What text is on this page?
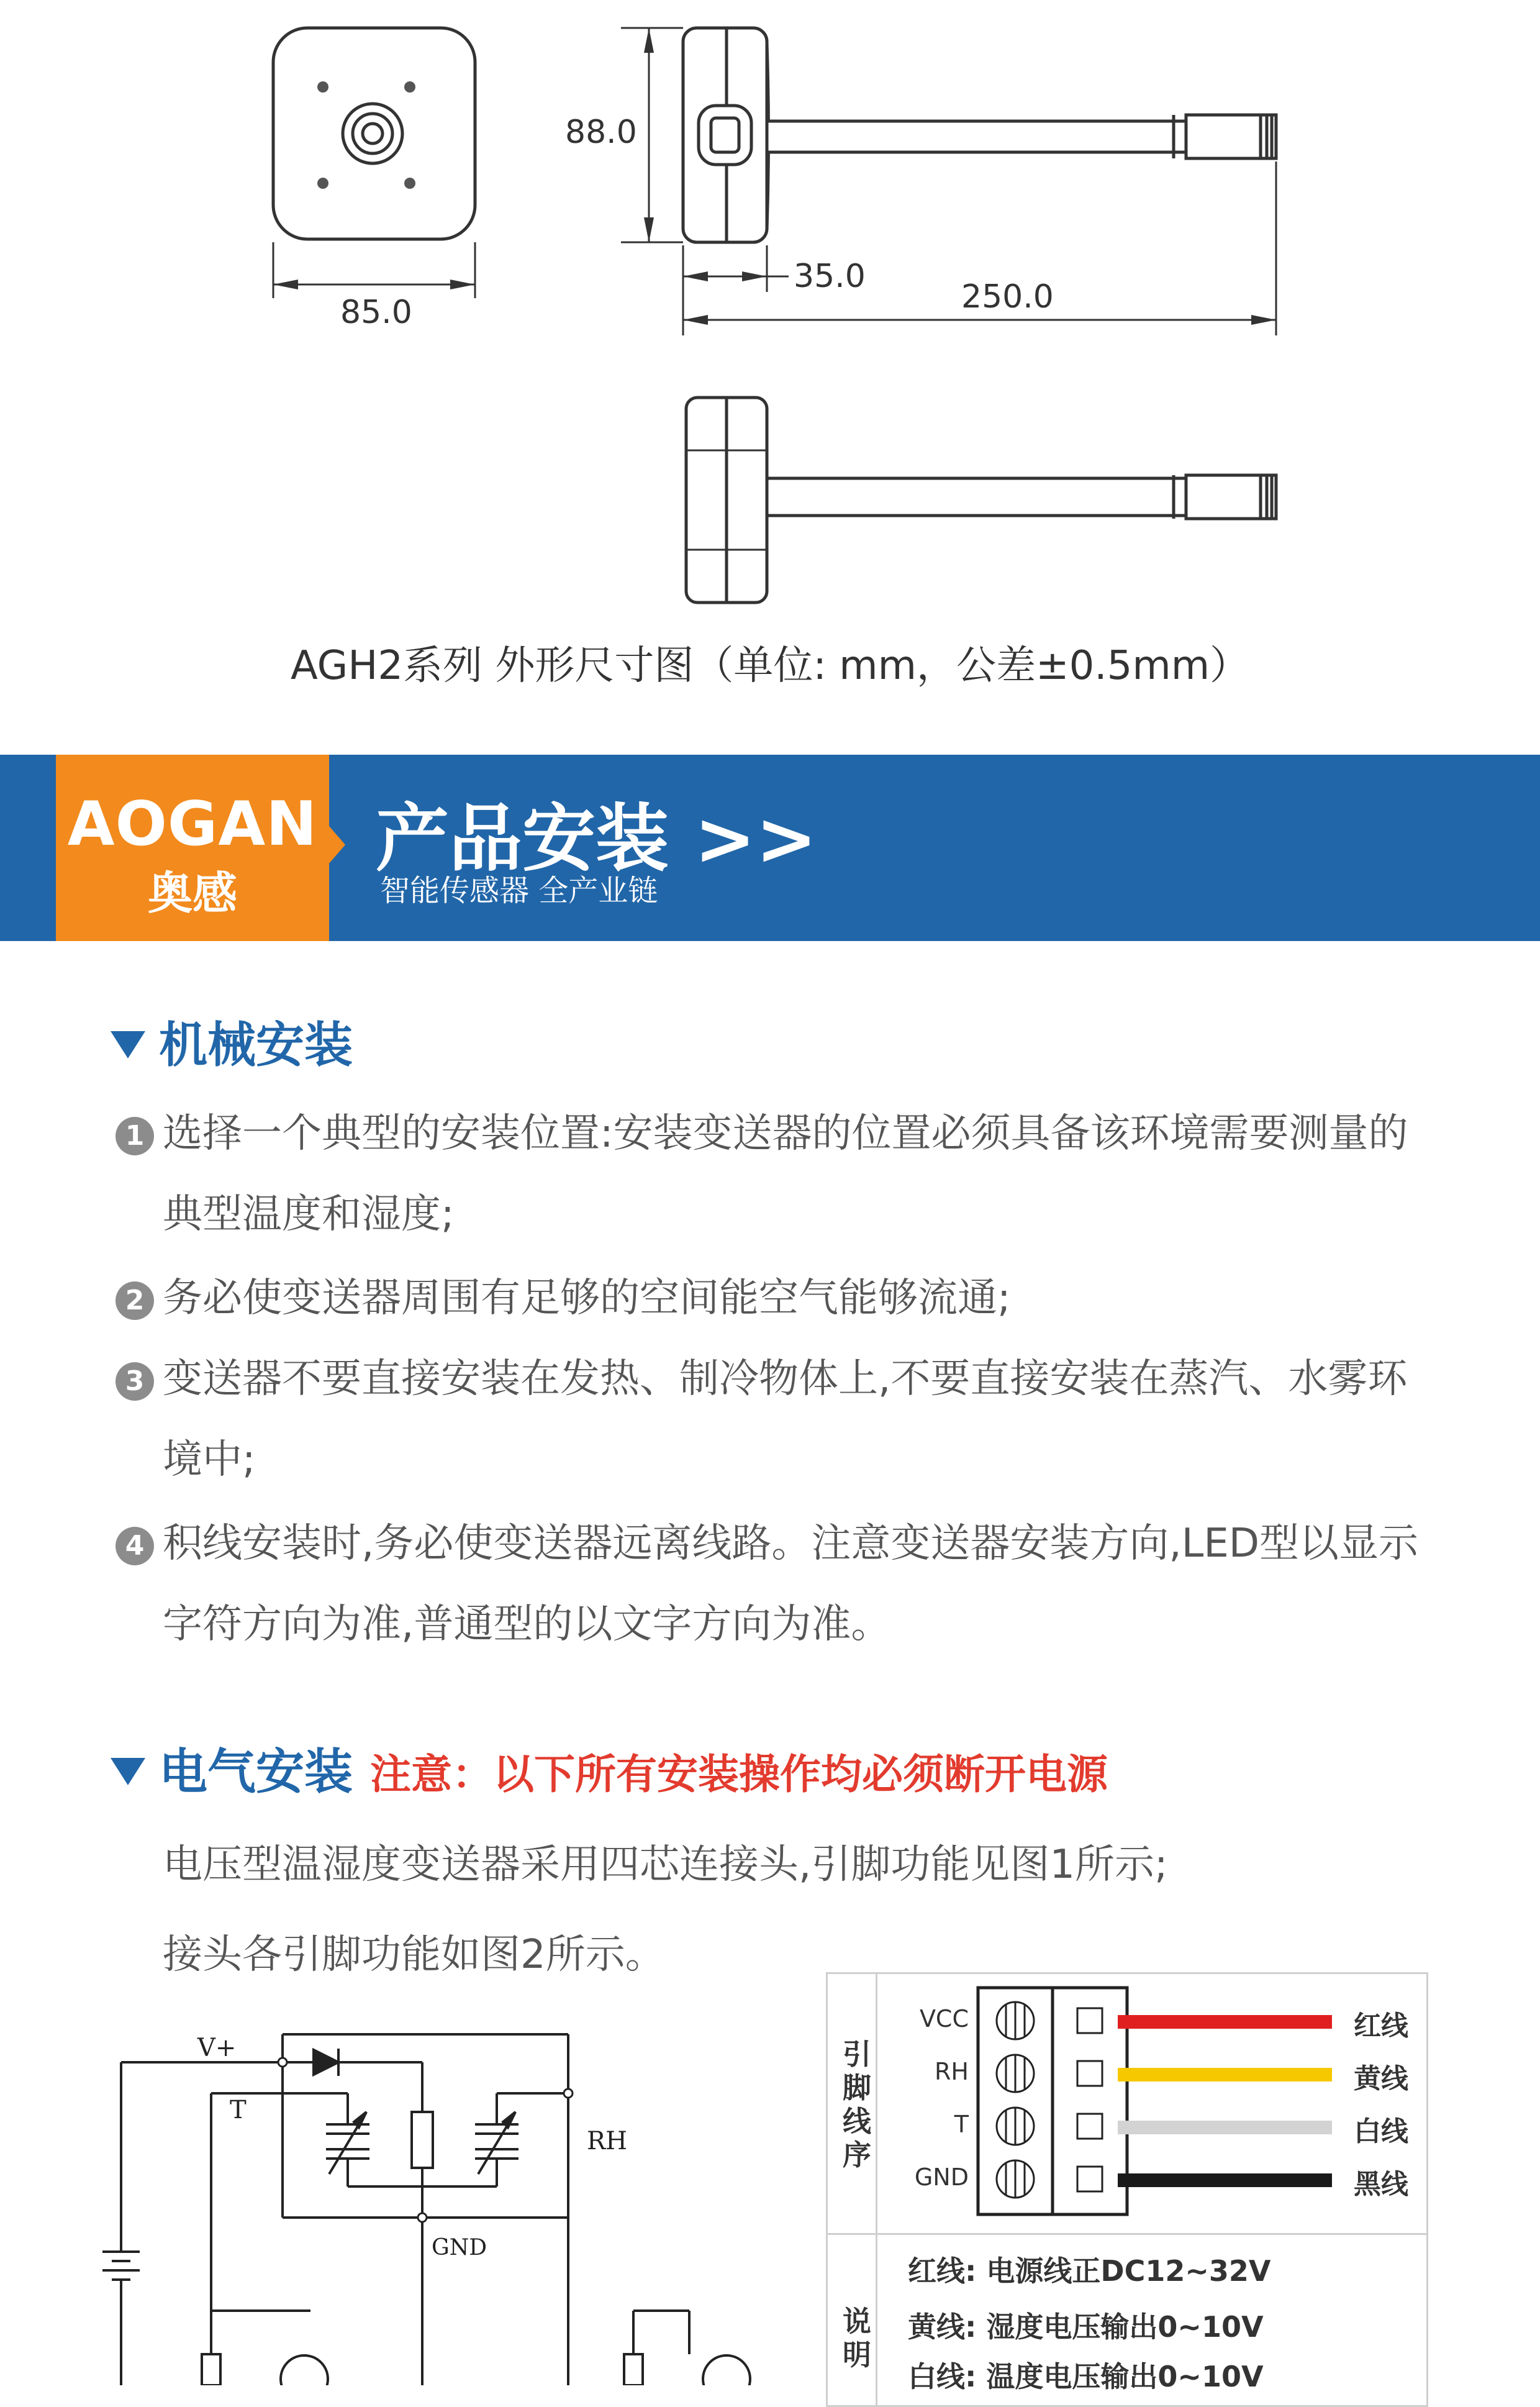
88.0
85.0
35.0
250.0
AGH2系列 外形尺寸图（单位: mm，公差±0.5mm）
AOGAN
奥感
产品安装 >>
智能传感器 全产业链
机械安装
1 选择一个典型的安装位置:安装变送器的位置必须具备该环境需要测量的典型温度和湿度;
2 务必使变送器周围有足够的空间能空气能够流通;
3 变送器不要直接安装在发热、制冷物体上,不要直接安装在蒸汽、水雾环境中;
4 积线安装时,务必使变送器远离线路。注意变送器安装方向,LED型以显示字符方向为准,普通型的以文字方向为准。
电气安装 注意：以下所有安装操作均必须断开电源
电压型温湿度变送器采用四芯连接头,引脚功能见图1所示;
接头各引脚功能如图2所示。
V+
T
RH
GND
引
脚
线
序
VCC
RH
T
GND
红线
黄线
白线
黑线
说
明
红线: 电源线正DC12~32V
黄线: 湿度电压输出0~10V
白线: 温度电压输出0~10V
